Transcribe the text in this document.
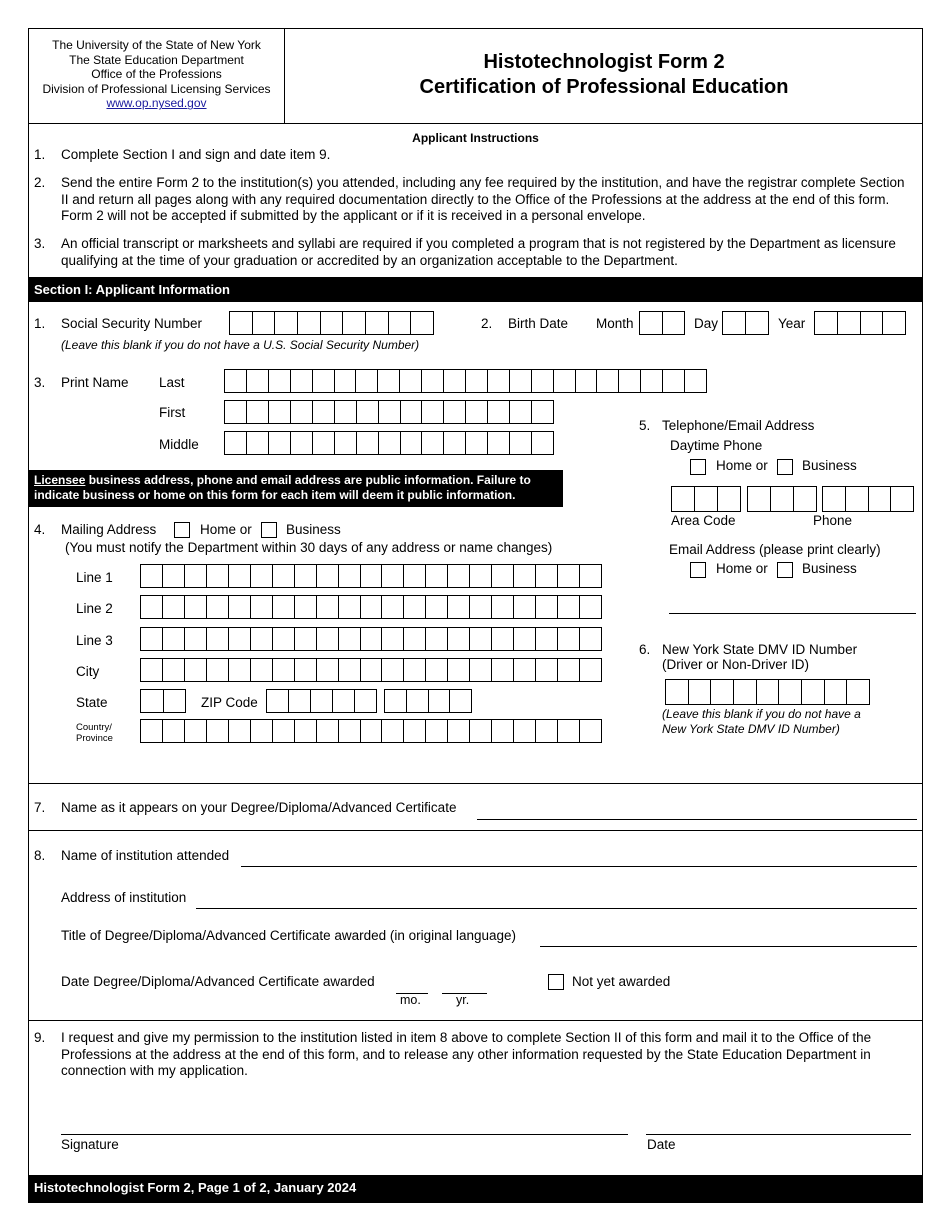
The University of the State of New York
The State Education Department
Office of the Professions
Division of Professional Licensing Services
www.op.nysed.gov
Histotechnologist Form 2
Certification of Professional Education
Applicant Instructions
1. Complete Section I and sign and date item 9.
2. Send the entire Form 2 to the institution(s) you attended, including any fee required by the institution, and have the registrar complete Section II and return all pages along with any required documentation directly to the Office of the Professions at the address at the end of this form. Form 2 will not be accepted if submitted by the applicant or if it is received in a personal envelope.
3. An official transcript or marksheets and syllabi are required if you completed a program that is not registered by the Department as licensure qualifying at the time of your graduation or accredited by an organization acceptable to the Department.
Section I: Applicant Information
1. Social Security Number
(Leave this blank if you do not have a U.S. Social Security Number)
2. Birth Date Month	Day	Year
3. Print Name Last
First
Middle
Licensee business address, phone and email address are public information. Failure to indicate business or home on this form for each item will deem it public information.
4. Mailing Address	Home or	Business
(You must notify the Department within 30 days of any address or name changes)
Line 1
Line 2
Line 3
City
State	ZIP Code
Country/
Province
5. Telephone/Email Address
Daytime Phone
Home or	Business
Area Code	Phone
Email Address (please print clearly)
Home or	Business
6. New York State DMV ID Number
(Driver or Non-Driver ID)
(Leave this blank if you do not have a
New York State DMV ID Number)
7. Name as it appears on your Degree/Diploma/Advanced Certificate
8. Name of institution attended
Address of institution
Title of Degree/Diploma/Advanced Certificate awarded (in original language)
Date Degree/Diploma/Advanced Certificate awarded
mo.	yr.
Not yet awarded
9. I request and give my permission to the institution listed in item 8 above to complete Section II of this form and mail it to the Office of the Professions at the address at the end of this form, and to release any other information requested by the State Education Department in connection with my application.
Signature	Date
Histotechnologist Form 2, Page 1 of 2, January 2024
